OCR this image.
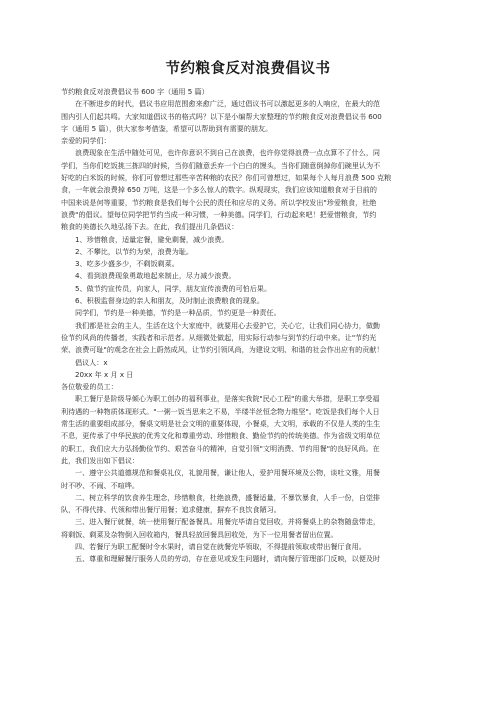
节约粮食反对浪费倡议书
节约粮食反对浪费倡议书 600 字（通用 5 篇）
在不断进步的时代，倡议书应用范围愈来愈广泛，通过倡议书可以激起更多的人响应，在最大的范
围内引人们起共鸣。大家知道倡议书的格式吗？以下是小编帮大家整理的节约粮食反对浪费倡议书 600
字（通用 5 篇），供大家参考借鉴，希望可以帮助到有需要的朋友。
亲爱的同学们：
浪费现象在生活中随处可见，也许你意识不到自己在浪费，也许你觉得浪费一点点算不了什么，同
学们，当你们吃饭挑三拣四的时候，当你们随意丢弃一个白白的馒头，当你们随意倒掉你们碗里认为不
好吃的白米饭的时候，你们可曾想过那些辛苦种粮的农民？你们可曾想过，如果每个人每月浪费 500 克粮
食，一年就会浪费掉 650 万吨，这是一个多么惊人的数字。纵观现实，我们应该知道粮食对于目前的
中国来说是何等重要，节约粮食是我们每个公民的责任和应尽的义务。所以学校发出"珍爱粮食，杜绝
浪费"的倡议。望每位同学把节约当成一种习惯，一种美德。同学们，行动起来吧！把爱惜粮食，节约
粮食的美德长久地弘扬下去。在此，我们提出几条倡议：
1、珍惜粮食，适量定餐，避免剩餐，减少浪费。
2、不攀比，以节约为荣，浪费为耻。
3、吃多少盛多少，不剩饭剩菜。
4、看到浪费现象勇敢地起来制止，尽力减少浪费。
5、做节约宣传员，向家人，同学，朋友宣传浪费的可怕后果。
6、积极监督身边的亲人和朋友，及时制止浪费粮食的现象。
同学们，节约是一种美德，节约是一种品质，节约更是一种责任。
我们都是社会的主人，生活在这个大家庭中，就要用心去爱护它，关心它，让我们同心协力，做勤
俭节约风尚的传播者，实践者和示范者。从细微处做起，用实际行动参与到节约行动中来。让"节约光
荣、浪费可耻"的观念在社会上蔚然成风，让节约引领风尚，为建设文明、和谐的社会作出应有的贡献！
倡议人：x
20xx 年 x 月 x 日
各位敬爱的员工：
职工餐厅是阶级导倾心为职工创办的福利事业，是落实我院"民心工程"的重大举措，是职工享受福
利待遇的一种物质体现形式。"一粥一饭当思来之不易，半缕半丝恒念物力维坚"。吃饭是我们每个人日
常生活的重要组成部分，餐桌文明是社会文明的重要体现，小餐桌，大文明，承载的不仅是人类的生生
不息，更传承了中华民族的优秀文化和尊重劳动、珍惜粮食、勤俭节约的传统美德。作为省级文明单位
的职工，我们应大力弘扬勤俭节约、艰苦奋斗的精神，自觉引领"文明消费、节约用餐"的良好风尚。在
此，我们发出如下倡议：
一、遵守公共道德规范和餐桌礼仪，礼貌用餐，谦让他人，爱护用餐环境及公物，谈吐文雅，用餐
时不吵、不闹、不喧哗。
二、树立科学的饮食养生理念，珍惜粮食，杜绝浪费，盛餐适量，不暴饮暴食，人手一份，自觉排
队，不得代排、代领和带出餐厅用餐；追求健康，摒弃不良饮食陋习。
三、进入餐厅就餐，统一使用餐厅配备餐具。用餐完毕请自觉回收，并将餐桌上的杂物随盘带走，
将剩饭、剩菜及杂物倒入回收箱内，餐具轻放回餐具回收处，为下一位用餐者留出位置。
四、若餐厅为职工配餐时令水果时，请自觉在就餐完毕领取，不得提前领取或带出餐厅食用。
五、尊重和理解餐厅服务人员的劳动，存在意见或发生问题时，请向餐厅管理部门反映，以便及时
